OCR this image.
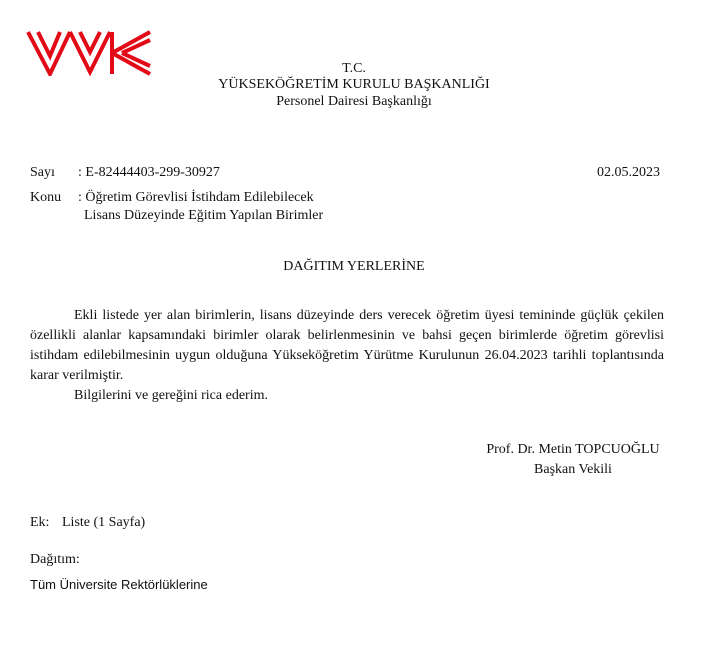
T.C.
YÜKSEKÖĞRETİM KURULU BAŞKANLIĞI
Personel Dairesi Başkanlığı
Sayı : E-82444403-299-30927	02.05.2023
Konu : Öğretim Görevlisi İstihdam Edilebilecek
Lisans Düzeyinde Eğitim Yapılan Birimler
DAĞITIM YERLERİNE

Ekli listede yer alan birimlerin, lisans düzeyinde ders verecek öğretim üyesi temininde güçlük çekilen özellikli alanlar kapsamındaki birimler olarak belirlenmesinin ve bahsi geçen birimlerde öğretim görevlisi istihdam edilebilmesinin uygun olduğuna Yükseköğretim Yürütme Kurulunun 26.04.2023 tarihli toplantısında karar verilmiştir.

Bilgilerini ve gereğini rica ederim.

Prof. Dr. Metin TOPCUOĞLU
Başkan Vekili
Ek: Liste (1 Sayfa)
Dağıtım:
Tüm Üniversite Rektörlüklerine
